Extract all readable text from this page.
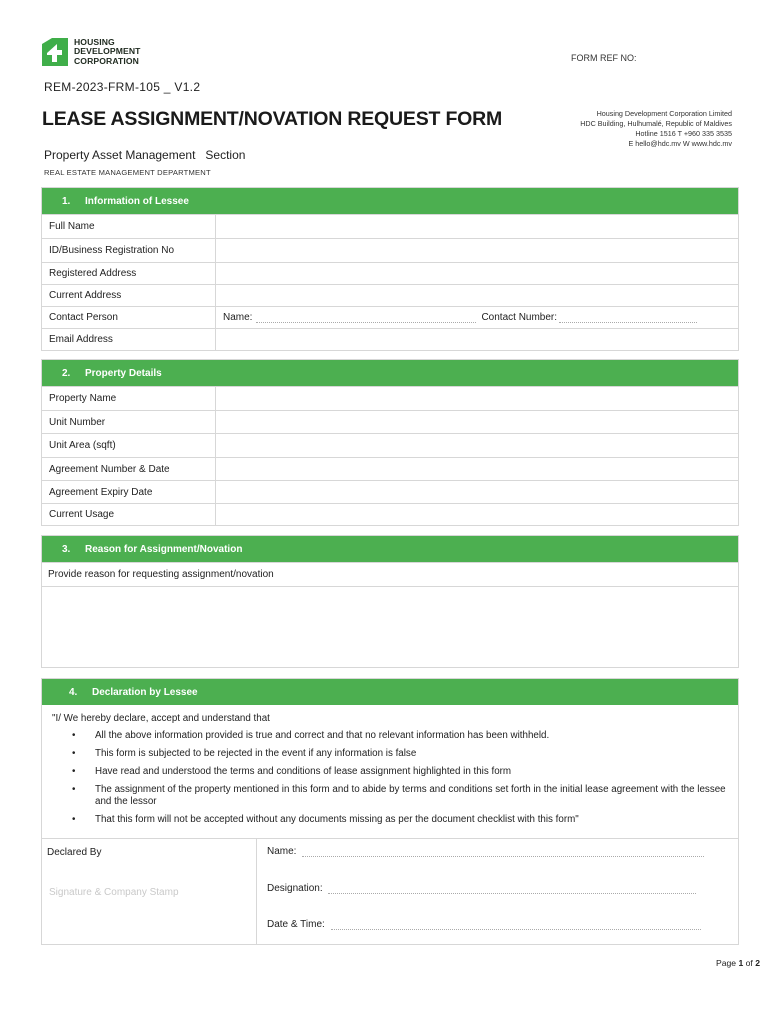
HOUSING
DEVELOPMENT
CORPORATION	FORM REF NO:
REM-2023-FRM-105 _ V1.2
LEASE ASSIGNMENT/NOVATION REQUEST FORM	Housing Development Corporation Limited
HDC Building, Hulhumalé, Republic of Maldives
Hotline 1516 T +960 335 3535
E hello@hdc.mv W www.hdc.mv
Property Asset Management   Section
REAL ESTATE MANAGEMENT DEPARTMENT
1.	Information of Lessee
Full Name
ID/Business Registration No
Registered Address
Current Address
Contact Person	Name:	Contact Number:
Email Address
2.	Property Details
Property Name
Unit Number
Unit Area (sqft)
Agreement Number & Date
Agreement Expiry Date
Current Usage
3.	Reason for Assignment/Novation
Provide reason for requesting assignment/novation
4.	Declaration by Lessee
"I/ We hereby declare, accept and understand that
• All the above information provided is true and correct and that no relevant information has been withheld.
• This form is subjected to be rejected in the event if any information is false
• Have read and understood the terms and conditions of lease assignment highlighted in this form
• The assignment of the property mentioned in this form and to abide by terms and conditions set forth in the initial lease agreement with the lessee and the lessor
• That this form will not be accepted without any documents missing as per the document checklist with this form"
Declared By
Signature & Company Stamp
Name:
Designation:
Date & Time:
Page 1 of 2
